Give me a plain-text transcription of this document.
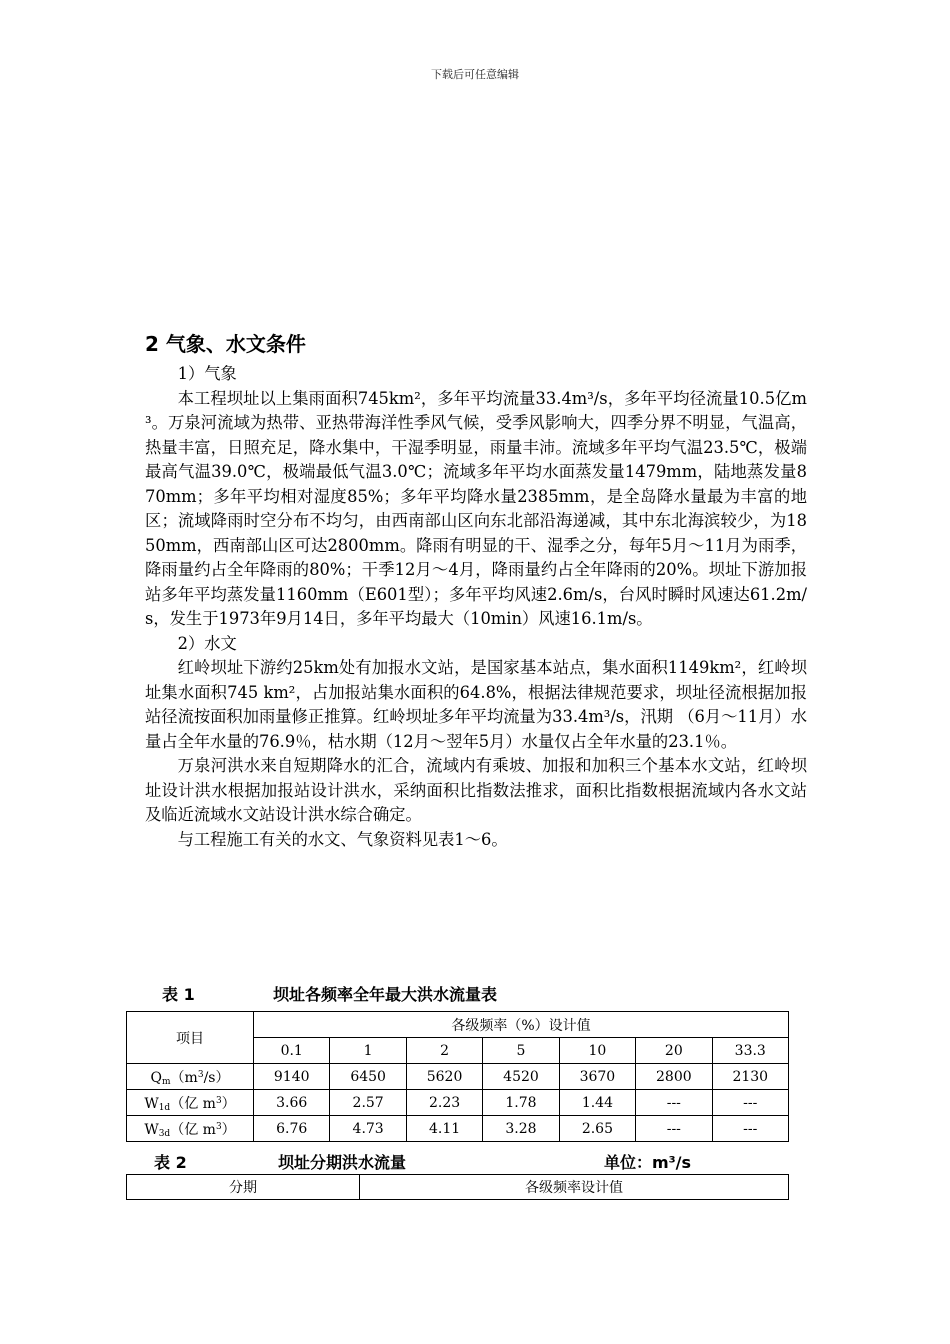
下载后可任意编辑
2 气象、水文条件

1）气象

本工程坝址以上集雨面积745km²，多年平均流量33.4m³/s，多年平均径流量10.5亿m³。万泉河流域为热带、亚热带海洋性季风气候，受季风影响大，四季分界不明显，气温高，热量丰富，日照充足，降水集中，干湿季明显，雨量丰沛。流域多年平均气温23.5℃，极端最高气温39.0℃，极端最低气温3.0℃；流域多年平均水面蒸发量1479mm，陆地蒸发量870mm；多年平均相对湿度85%；多年平均降水量2385mm，是全岛降水量最为丰富的地区；流域降雨时空分布不均匀，由西南部山区向东北部沿海递减，其中东北海滨较少，为1850mm，西南部山区可达2800mm。降雨有明显的干、湿季之分，每年5月～11月为雨季，降雨量约占全年降雨的80%；干季12月～4月，降雨量约占全年降雨的20%。坝址下游加报站多年平均蒸发量1160mm（E601型）；多年平均风速2.6m/s，台风时瞬时风速达61.2m/s，发生于1973年9月14日，多年平均最大（10min）风速16.1m/s。

2）水文

红岭坝址下游约25km处有加报水文站，是国家基本站点，集水面积1149km²，红岭坝址集水面积745 km²，占加报站集水面积的64.8%，根据法律规范要求，坝址径流根据加报站径流按面积加雨量修正推算。红岭坝址多年平均流量为33.4m³/s，汛期 （6月～11月）水量占全年水量的76.9％，枯水期（12月～翌年5月）水量仅占全年水量的23.1％。

万泉河洪水来自短期降水的汇合，流域内有乘坡、加报和加积三个基本水文站，红岭坝址设计洪水根据加报站设计洪水，采纳面积比指数法推求，面积比指数根据流域内各水文站及临近流域水文站设计洪水综合确定。

与工程施工有关的水文、气象资料见表1～6。

表 1	坝址各频率全年最大洪水流量表
项目	各级频率（%）设计值						
	0.1	1	2	5	10	20	33.3
$Q_m(m^3/s)$	9140	6450	5620	4520	3670	2800	2130
$W_{1d}$（亿 $m^3$）	3.66	2.57	2.23	1.78	1.44	---	---
$W_{3d}$（亿 $m^3$）	6.76	4.73	4.11	3.28	2.65	---	---
表 2	坝址分期洪水流量	单位：m³/s
分期	各级频率设计值
